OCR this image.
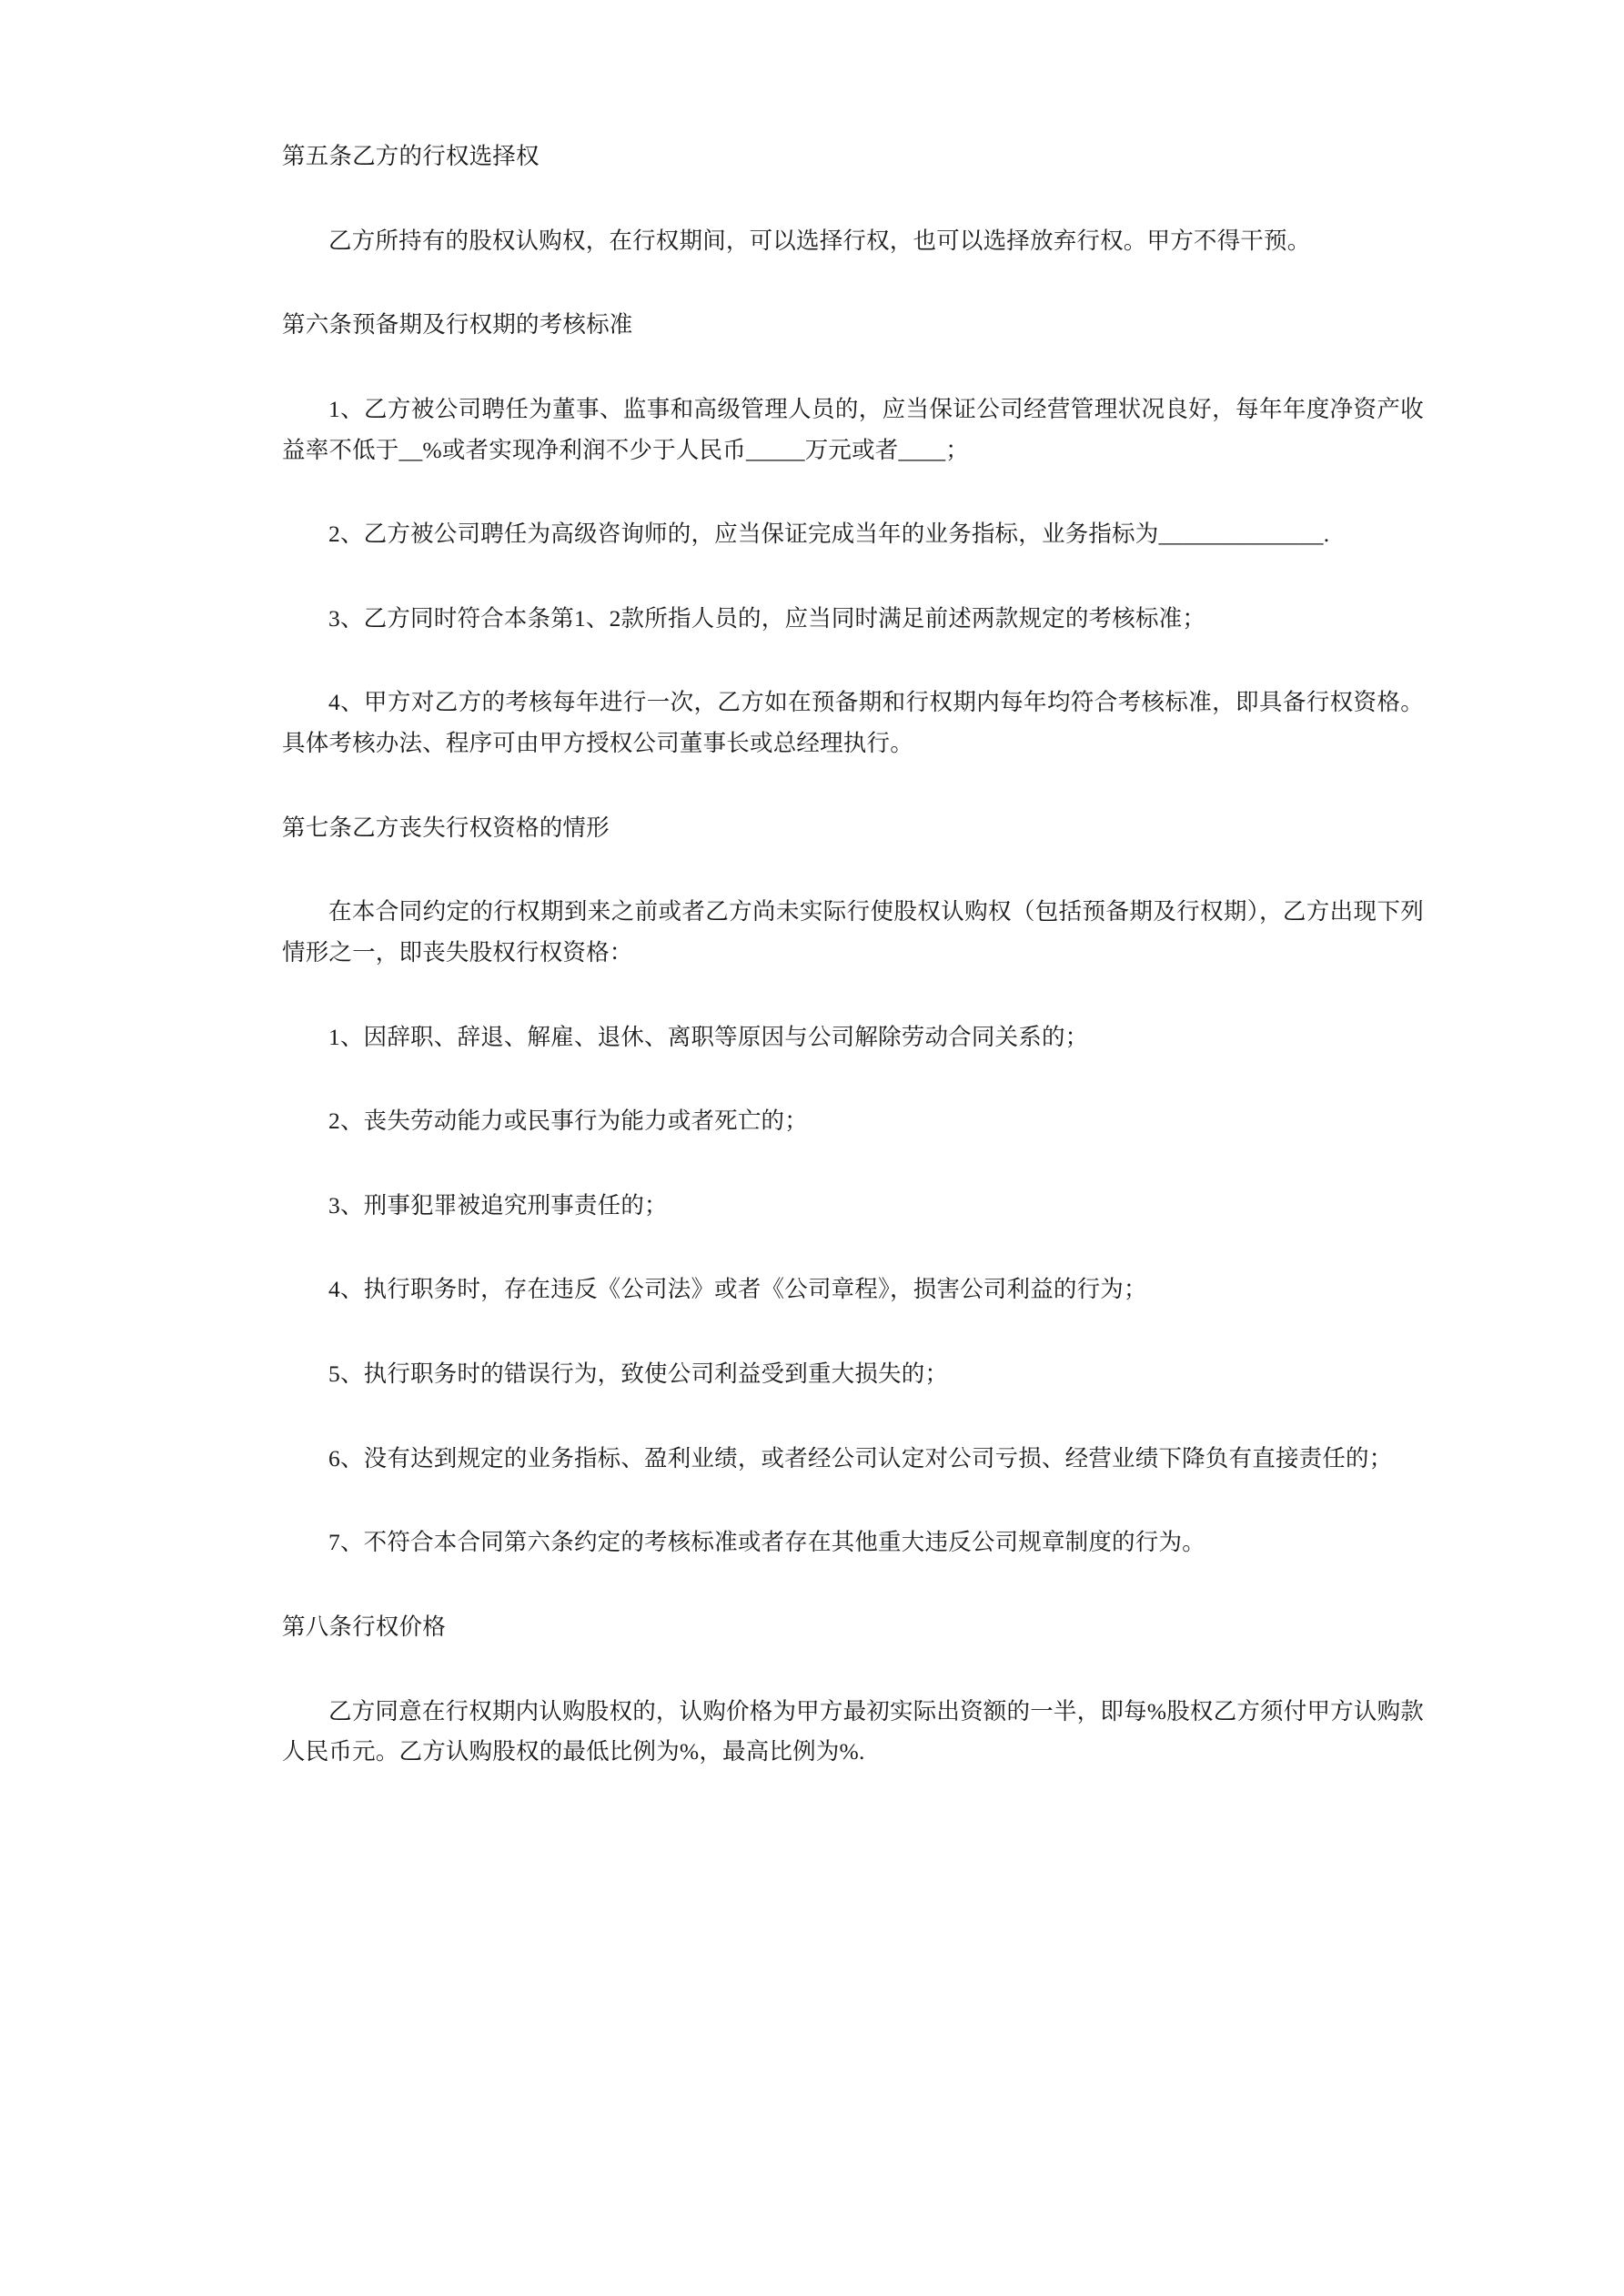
第五条乙方的行权选择权

乙方所持有的股权认购权，在行权期间，可以选择行权，也可以选择放弃行权。甲方不得干预。

第六条预备期及行权期的考核标准

1、乙方被公司聘任为董事、监事和高级管理人员的，应当保证公司经营管理状况良好，每年年度净资产收益率不低于__%或者实现净利润不少于人民币_____万元或者____；

2、乙方被公司聘任为高级咨询师的，应当保证完成当年的业务指标，业务指标为______________.

3、乙方同时符合本条第1、2款所指人员的，应当同时满足前述两款规定的考核标准；

4、甲方对乙方的考核每年进行一次，乙方如在预备期和行权期内每年均符合考核标准，即具备行权资格。具体考核办法、程序可由甲方授权公司董事长或总经理执行。

第七条乙方丧失行权资格的情形

在本合同约定的行权期到来之前或者乙方尚未实际行使股权认购权（包括预备期及行权期），乙方出现下列情形之一，即丧失股权行权资格：

1、因辞职、辞退、解雇、退休、离职等原因与公司解除劳动合同关系的；

2、丧失劳动能力或民事行为能力或者死亡的；

3、刑事犯罪被追究刑事责任的；

4、执行职务时，存在违反《公司法》或者《公司章程》，损害公司利益的行为；

5、执行职务时的错误行为，致使公司利益受到重大损失的；

6、没有达到规定的业务指标、盈利业绩，或者经公司认定对公司亏损、经营业绩下降负有直接责任的；

7、不符合本合同第六条约定的考核标准或者存在其他重大违反公司规章制度的行为。

第八条行权价格

乙方同意在行权期内认购股权的，认购价格为甲方最初实际出资额的一半，即每%股权乙方须付甲方认购款人民币元。乙方认购股权的最低比例为%，最高比例为%.
